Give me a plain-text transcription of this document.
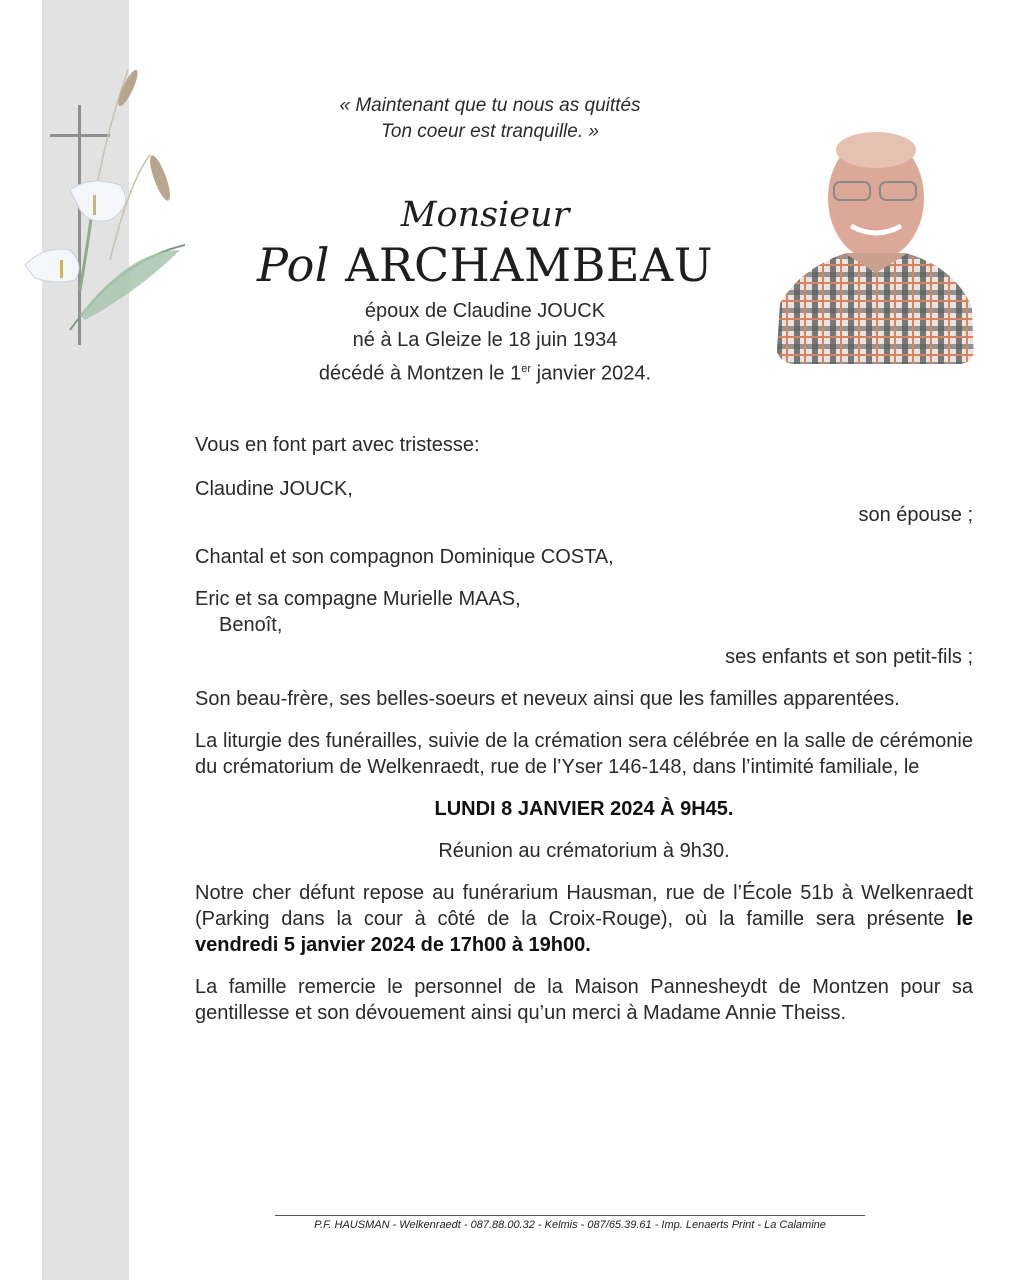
« Maintenant que tu nous as quittés
Ton coeur est tranquille. »
Monsieur
Pol ARCHAMBEAU
époux de Claudine JOUCK
né à La Gleize le 18 juin 1934
décédé à Montzen le 1er janvier 2024.

Vous en font part avec tristesse:

Claudine JOUCK,

son épouse ;

Chantal et son compagnon Dominique COSTA,

Eric et sa compagne Murielle MAAS,

Benoît,

ses enfants et son petit-fils ;

Son beau-frère, ses belles-soeurs et neveux ainsi que les familles apparentées.

La liturgie des funérailles, suivie de la crémation sera célébrée en la salle de cérémonie du crématorium de Welkenraedt, rue de l’Yser 146-148, dans l’intimité familiale, le

LUNDI 8 JANVIER 2024 À 9H45.

Réunion au crématorium à 9h30.

Notre cher défunt repose au funérarium Hausman, rue de l’École 51b à Welkenraedt (Parking dans la cour à côté de la Croix-Rouge), où la famille sera présente le vendredi 5 janvier 2024 de 17h00 à 19h00.

La famille remercie le personnel de la Maison Pannesheydt de Montzen pour sa gentillesse et son dévouement ainsi qu’un merci à Madame Annie Theiss.

P.F. HAUSMAN - Welkenraedt - 087.88.00.32 - Kelmis - 087/65.39.61 - Imp. Lenaerts Print - La Calamine
